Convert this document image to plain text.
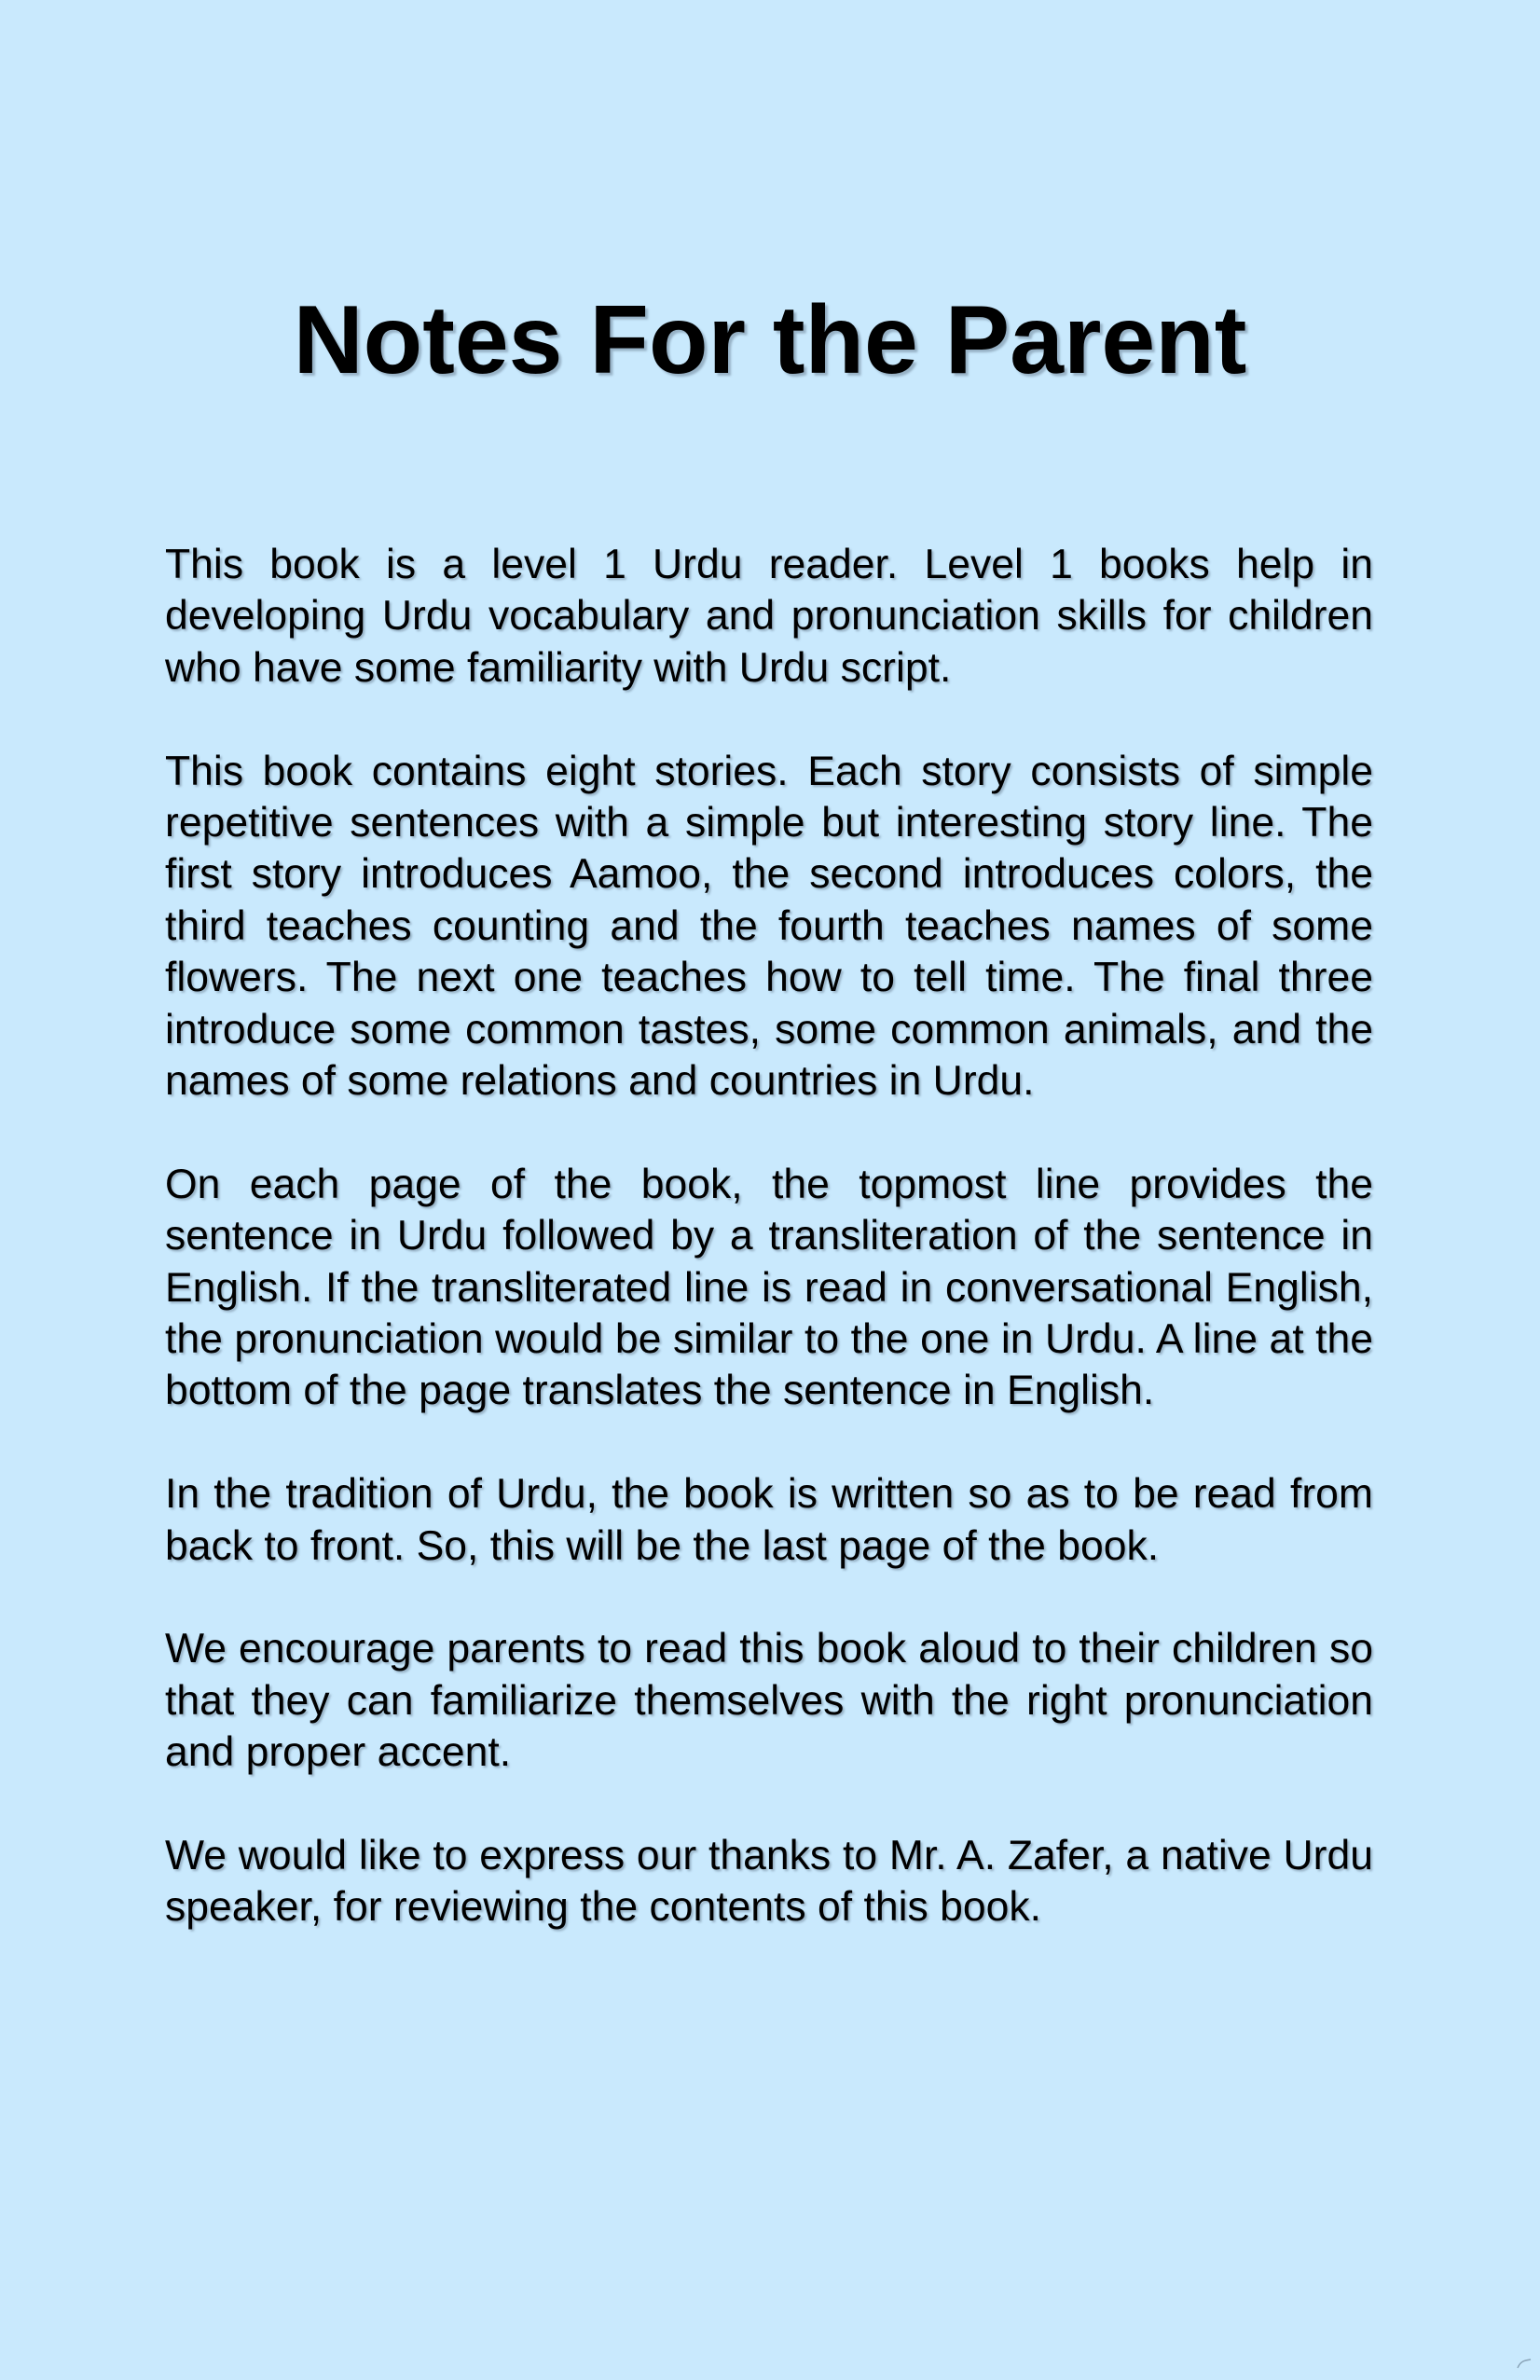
Notes For the Parent

This book is a level 1 Urdu reader. Level 1 books help in developing Urdu vocabulary and pronunciation skills for children who have some familiarity with Urdu script.

This book contains eight stories. Each story consists of simple repetitive sentences with a simple but interesting story line. The first story introduces Aamoo, the second introduces colors, the third teaches counting and the fourth teaches names of some flowers. The next one teaches how to tell time. The final three introduce some common tastes, some common animals, and the names of some relations and countries in Urdu.

On each page of the book, the topmost line provides the sentence in Urdu followed by a transliteration of the sentence in English. If the transliterated line is read in conversational English, the pronunciation would be similar to the one in Urdu. A line at the bottom of the page translates the sentence in English.

In the tradition of Urdu, the book is written so as to be read from back to front. So, this will be the last page of the book.

We encourage parents to read this book aloud to their children so that they can familiarize themselves with the right pronunciation and proper accent.

We would like to express our thanks to Mr. A. Zafer, a native Urdu speaker, for reviewing the contents of this book.
